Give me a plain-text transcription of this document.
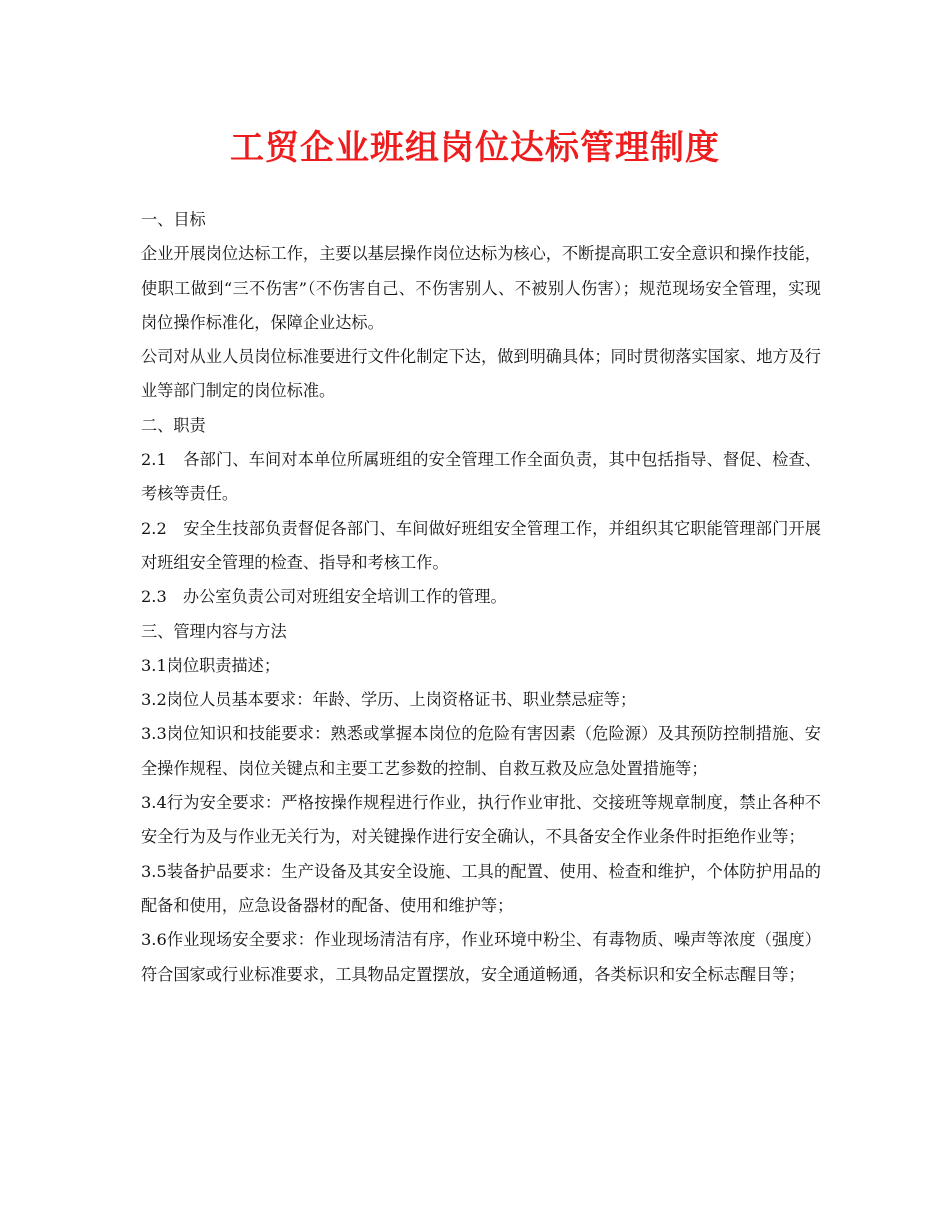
工贸企业班组岗位达标管理制度

一、目标

企业开展岗位达标工作，主要以基层操作岗位达标为核心，不断提高职工安全意识和操作技能，使职工做到“三不伤害”（不伤害自己、不伤害别人、不被别人伤害）；规范现场安全管理，实现岗位操作标准化，保障企业达标。

公司对从业人员岗位标准要进行文件化制定下达，做到明确具体；同时贯彻落实国家、地方及行业等部门制定的岗位标准。

二、职责

2.1　各部门、车间对本单位所属班组的安全管理工作全面负责，其中包括指导、督促、检查、考核等责任。

2.2　安全生技部负责督促各部门、车间做好班组安全管理工作，并组织其它职能管理部门开展对班组安全管理的检查、指导和考核工作。

2.3　办公室负责公司对班组安全培训工作的管理。

三、管理内容与方法

3.1岗位职责描述；

3.2岗位人员基本要求：年龄、学历、上岗资格证书、职业禁忌症等；

3.3岗位知识和技能要求：熟悉或掌握本岗位的危险有害因素（危险源）及其预防控制措施、安全操作规程、岗位关键点和主要工艺参数的控制、自救互救及应急处置措施等；

3.4行为安全要求：严格按操作规程进行作业，执行作业审批、交接班等规章制度，禁止各种不安全行为及与作业无关行为，对关键操作进行安全确认，不具备安全作业条件时拒绝作业等；

3.5装备护品要求：生产设备及其安全设施、工具的配置、使用、检查和维护，个体防护用品的配备和使用，应急设备器材的配备、使用和维护等；

3.6作业现场安全要求：作业现场清洁有序，作业环境中粉尘、有毒物质、噪声等浓度（强度）符合国家或行业标准要求，工具物品定置摆放，安全通道畅通，各类标识和安全标志醒目等；
